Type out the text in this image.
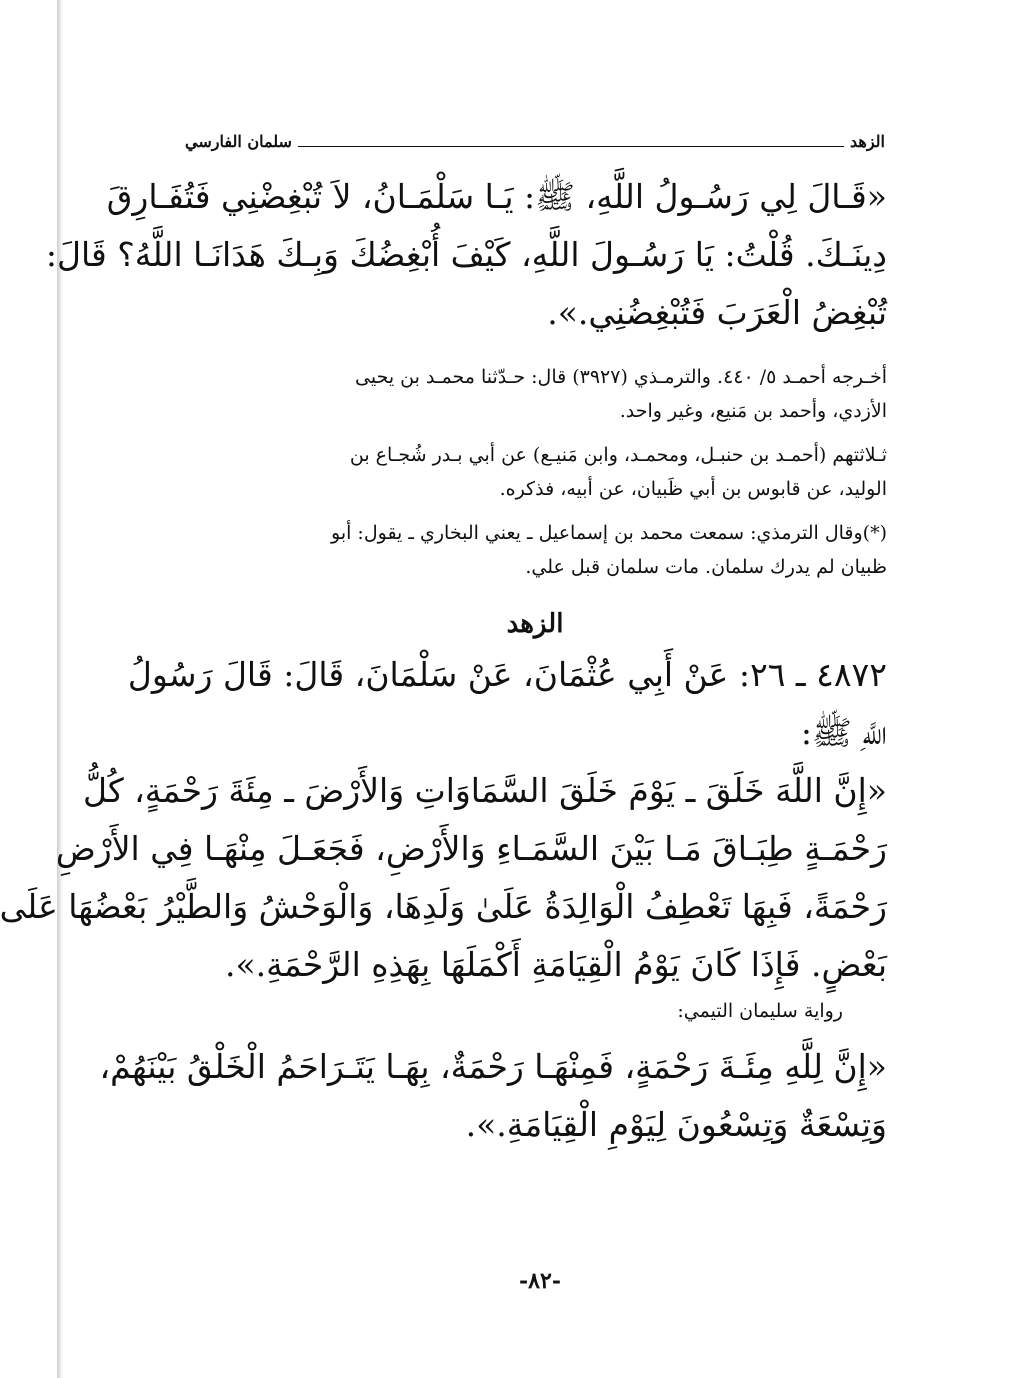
الزهد
سلمان الفارسي

«قَـالَ لِي رَسُـولُ اللَّهِ، ﷺ: يَـا سَلْمَـانُ، لاَ تُبْغِضْنِي فَتُفَـارِقَ
دِينَـكَ. قُلْتُ: يَا رَسُـولَ اللَّهِ، كَيْفَ أُبْغِضُكَ وَبِـكَ هَدَانَـا اللَّهُ؟ قَالَ:
تُبْغِضُ الْعَرَبَ فَتُبْغِضُنِي.».

أخـرجه أحمـد ٥/ ٤٤٠. والترمـذي (٣٩٢٧) قال: حـدّثنا محمـد بن يحيى
الأزدي، وأحمد بن مَنيع، وغير واحد.

ثـلاثتهم (أحمـد بن حنبـل، ومحمـد، وابن مَنيـع) عن أبي بـدر شُجـاع بن
الوليد، عن قابوس بن أبي ظَبيان، عن أبيه، فذكره.

(*)وقال الترمذي: سمعت محمد بن إسماعيل ـ يعني البخاري ـ يقول: أبو
ظبيان لم يدرك سلمان. مات سلمان قبل علي.

الزهد

٤٨٧٢ ـ ٢٦: عَنْ أَبِي عُثْمَانَ، عَنْ سَلْمَانَ، قَالَ: قَالَ رَسُولُ
اللَّهِ ﷺ:

«إِنَّ اللَّهَ خَلَقَ ـ يَوْمَ خَلَقَ السَّمَاوَاتِ وَالأَرْضَ ـ مِئَةَ رَحْمَةٍ، كُلُّ
رَحْمَـةٍ طِبَـاقَ مَـا بَيْنَ السَّمَـاءِ وَالأَرْضِ، فَجَعَـلَ مِنْهَـا فِي الأَرْضِ
رَحْمَةً، فَبِهَا تَعْطِفُ الْوَالِدَةُ عَلَىٰ وَلَدِهَا، وَالْوَحْشُ وَالطَّيْرُ بَعْضُهَا عَلَى
بَعْضٍ. فَإِذَا كَانَ يَوْمُ الْقِيَامَةِ أَكْمَلَهَا بِهَذِهِ الرَّحْمَةِ.».

رواية سليمان التيمي:

«إِنَّ لِلَّهِ مِئَـةَ رَحْمَةٍ، فَمِنْهَـا رَحْمَةٌ، بِهَـا يَتَـرَاحَمُ الْخَلْقُ بَيْنَهُمْ،
وَتِسْعَةٌ وَتِسْعُونَ لِيَوْمِ الْقِيَامَةِ.».

-٨٢-
